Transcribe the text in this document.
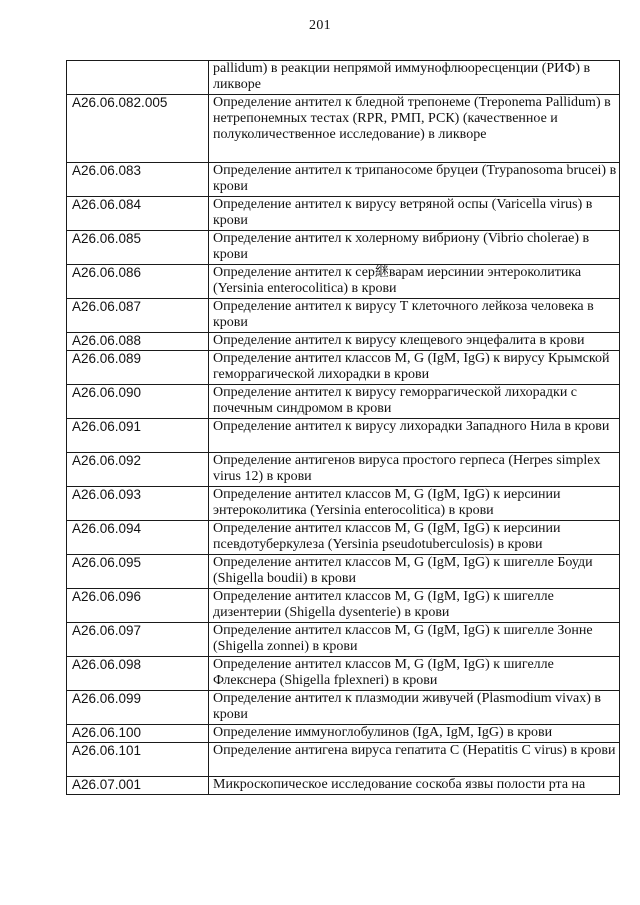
201
	pallidum) в реакции непрямой иммунофлюоресценции (РИФ) в ликворе
A26.06.082.005	Определение антител к бледной трепонеме (Treponema Pallidum) в нетрепонемных тестах (RPR, РМП, РСК) (качественное и полуколичественное исследование) в ликворе
A26.06.083	Определение антител к трипаносоме бруцеи (Trypanosoma brucei) в крови
A26.06.084	Определение антител к вирусу ветряной оспы (Varicella virus) в крови
A26.06.085	Определение антител к холерному вибриону (Vibrio cholerae) в крови
A26.06.086	Определение антител к сер継варам иерсинии энтероколитика (Yersinia enterocolitica) в крови
A26.06.087	Определение антител к вирусу Т клеточного лейкоза человека в крови
A26.06.088	Определение антител к вирусу клещевого энцефалита в крови
A26.06.089	Определение антител классов M, G (IgM, IgG) к вирусу Крымской геморрагической лихорадки в крови
A26.06.090	Определение антител к вирусу геморрагической лихорадки с почечным синдромом в крови
A26.06.091	Определение антител к вирусу лихорадки Западного Нила в крови
A26.06.092	Определение антигенов вируса простого герпеса (Herpes simplex virus 12) в крови
A26.06.093	Определение антител классов M, G (IgM, IgG) к иерсинии энтероколитика (Yersinia enterocolitica) в крови
A26.06.094	Определение антител классов M, G (IgM, IgG) к иерсинии псевдотуберкулеза (Yersinia pseudotuberculosis) в крови
A26.06.095	Определение антител классов M, G (IgM, IgG) к шигелле Боуди (Shigella boudii) в крови
A26.06.096	Определение антител классов M, G (IgM, IgG) к шигелле дизентерии (Shigella dysenterie) в крови
A26.06.097	Определение антител классов M, G (IgM, IgG) к шигелле Зонне (Shigella zonnei) в крови
A26.06.098	Определение антител классов M, G (IgM, IgG) к шигелле Флекснера (Shigella fplexneri) в крови
A26.06.099	Определение антител к плазмодии живучей (Plasmodium vivax) в крови
A26.06.100	Определение иммуноглобулинов (IgA, IgM, IgG) в крови
A26.06.101	Определение антигена вируса гепатита C (Hepatitis C virus) в крови
A26.07.001	Микроскопическое исследование соскоба язвы полости рта на
